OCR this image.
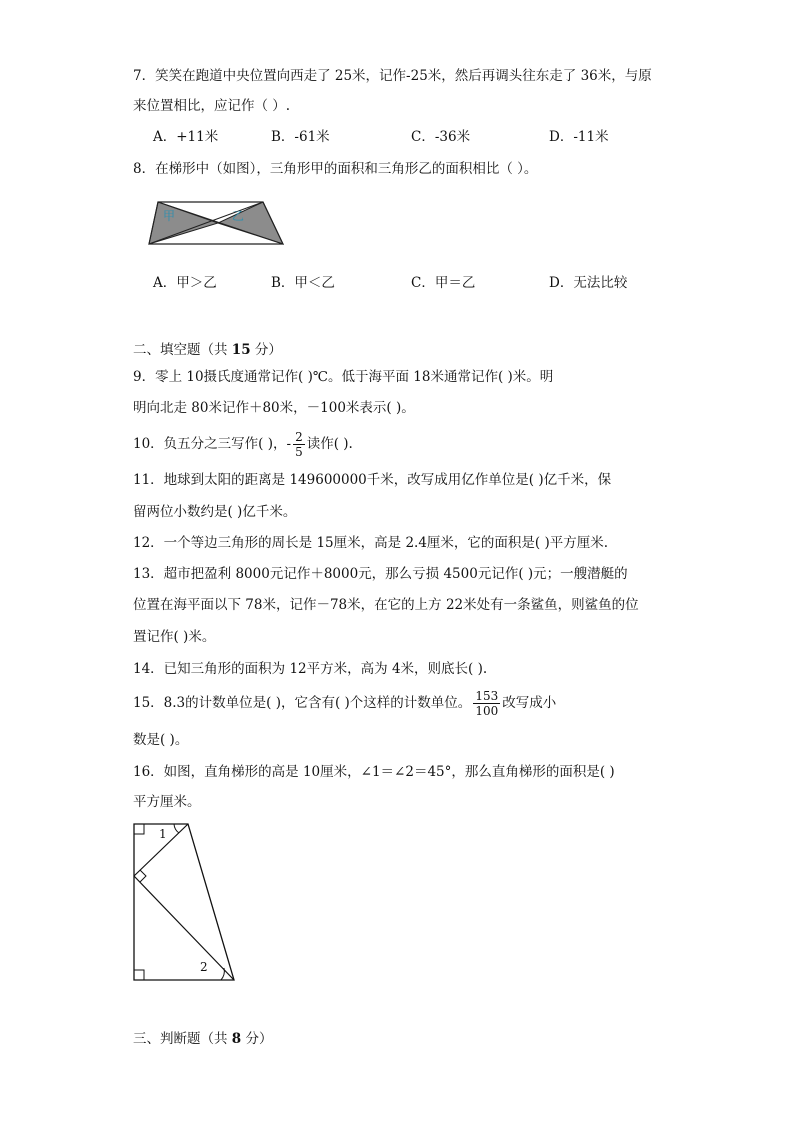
7．笑笑在跑道中央位置向西走了 25米，记作-25米，然后再调头往东走了 36米，与原
来位置相比，应记作（ ）.
A．+11米	B．-61米	C．-36米	D．-11米
8．在梯形中（如图），三角形甲的面积和三角形乙的面积相比（ ）。
甲	乙
A．甲＞乙	B．甲＜乙	C．甲＝乙	D．无法比较
二、填空题（共 15 分）
9．零上 10摄氏度通常记作( )℃。低于海平面 18米通常记作( )米。明
明向北走 80米记作＋80米，－100米表示( )。
10．负五分之三写作( )，- $\frac{2}{5}$ 读作( ).
11．地球到太阳的距离是 149600000千米，改写成用亿作单位是( )亿千米，保
留两位小数约是( )亿千米。
12．一个等边三角形的周长是 15厘米，高是 2.4厘米，它的面积是( )平方厘米.
13．超市把盈利 8000元记作＋8000元，那么亏损 4500元记作( )元；一艘潜艇的
位置在海平面以下 78米，记作－78米，在它的上方 22米处有一条鲨鱼，则鲨鱼的位
置记作( )米。
14．已知三角形的面积为 12平方米，高为 4米，则底长( ).
15．8.3的计数单位是( )，它含有( )个这样的计数单位。 $\frac{153}{100}$ 改写成小
数是( )。
16．如图，直角梯形的高是 10厘米，∠1＝∠2＝45°，那么直角梯形的面积是( )
平方厘米。
1
2
三、判断题（共 8 分）
